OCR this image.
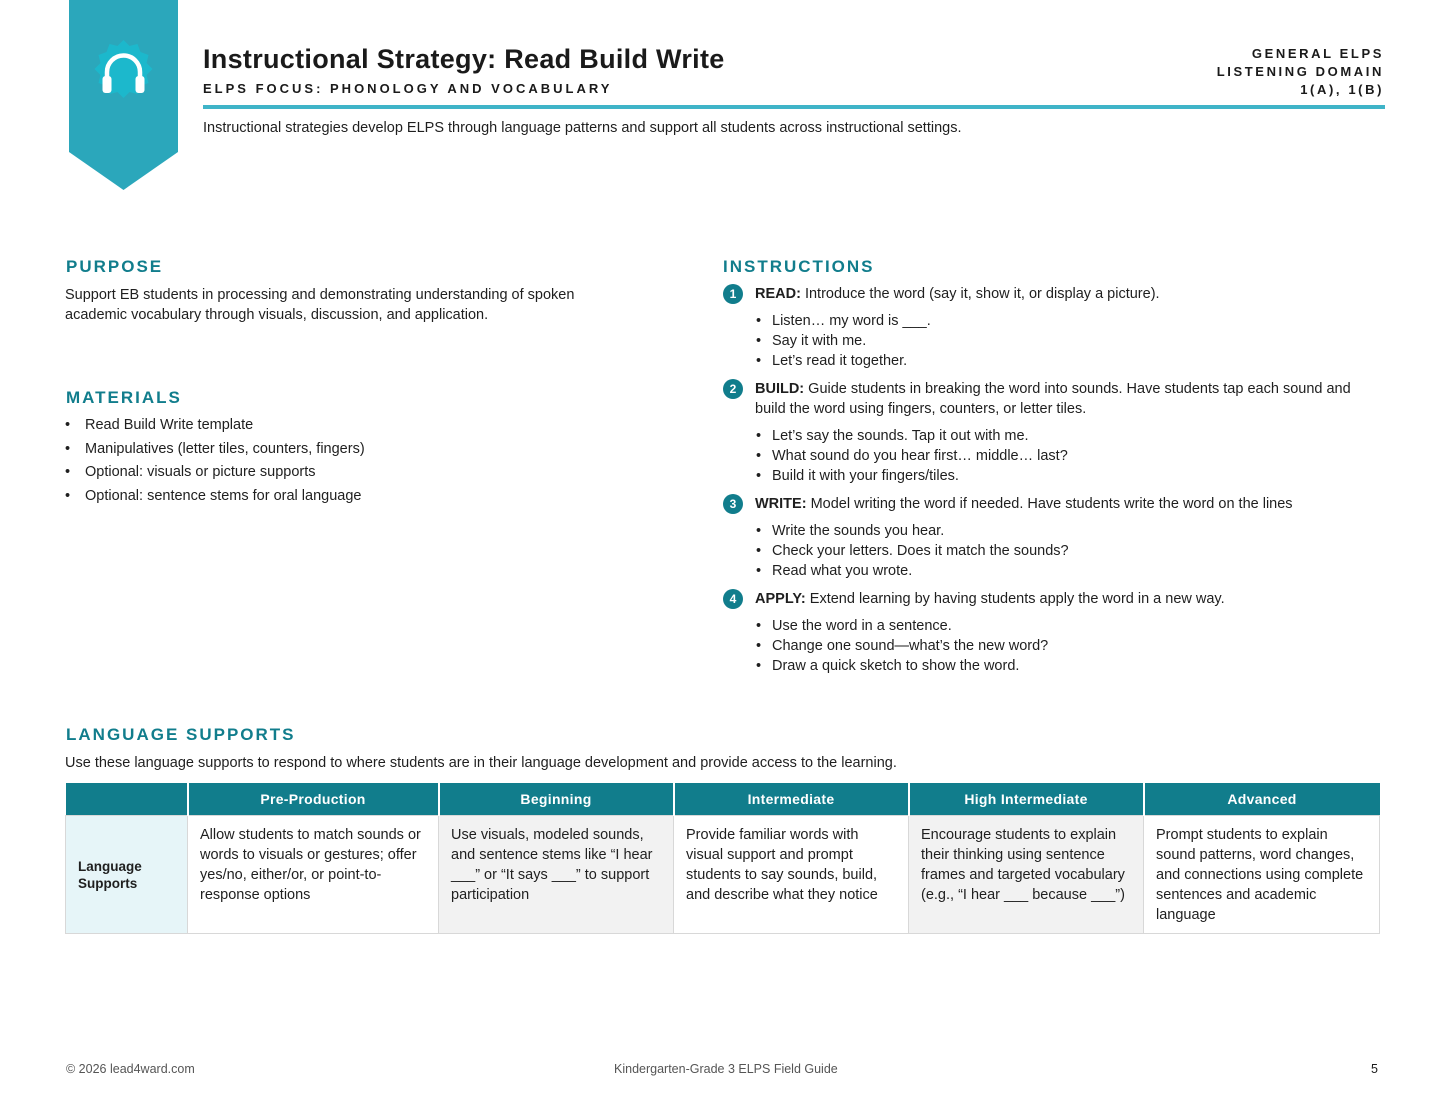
Instructional Strategy: Read Build Write
ELPS FOCUS: PHONOLOGY AND VOCABULARY
GENERAL ELPS
LISTENING DOMAIN
1(A), 1(B)
Instructional strategies develop ELPS through language patterns and support all students across instructional settings.
PURPOSE
Support EB students in processing and demonstrating understanding of spoken
academic vocabulary through visuals, discussion, and application.
MATERIALS
• Read Build Write template
• Manipulatives (letter tiles, counters, fingers)
• Optional: visuals or picture supports
• Optional: sentence stems for oral language
INSTRUCTIONS
1	READ: Introduce the word (say it, show it, or display a picture).
• Listen… my word is ___.
• Say it with me.
• Let’s read it together.
2	BUILD: Guide students in breaking the word into sounds. Have students tap each sound and build the word using fingers, counters, or letter tiles.
• Let’s say the sounds. Tap it out with me.
• What sound do you hear first… middle… last?
• Build it with your fingers/tiles.
3	WRITE: Model writing the word if needed. Have students write the word on the lines
• Write the sounds you hear.
• Check your letters. Does it match the sounds?
• Read what you wrote.
4	APPLY: Extend learning by having students apply the word in a new way.
• Use the word in a sentence.
• Change one sound—what’s the new word?
• Draw a quick sketch to show the word.
LANGUAGE SUPPORTS
Use these language supports to respond to where students are in their language development and provide access to the learning.
	Pre-Production	Beginning	Intermediate	High Intermediate	Advanced
Language Supports	Allow students to match sounds or words to visuals or gestures; offer yes/no, either/or, or point-to-response options	Use visuals, modeled sounds, and sentence stems like “I hear ___” or “It says ___” to support participation	Provide familiar words with visual support and prompt students to say sounds, build, and describe what they notice	Encourage students to explain their thinking using sentence frames and targeted vocabulary (e.g., “I hear ___ because ___”)	Prompt students to explain sound patterns, word changes, and connections using complete sentences and academic language
© 2026 lead4ward.com	Kindergarten-Grade 3 ELPS Field Guide	5
